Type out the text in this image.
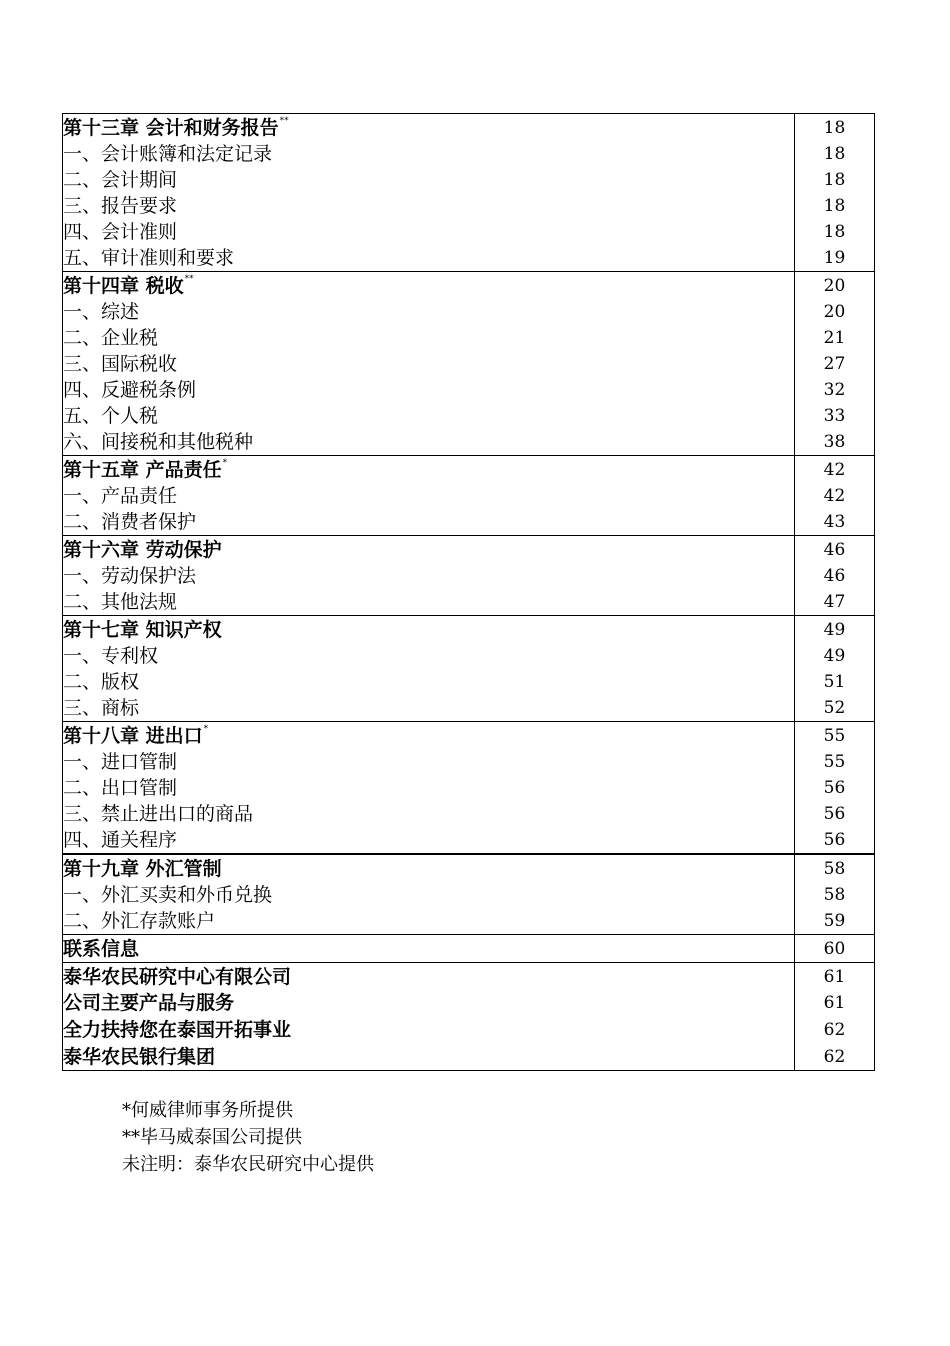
第十三章 会计和财务报告**	18
一、会计账簿和法定记录	18
二、会计期间	18
三、报告要求	18
四、会计准则	18
五、审计准则和要求	19
第十四章 税收**	20
一、综述	20
二、企业税	21
三、国际税收	27
四、反避税条例	32
五、个人税	33
六、间接税和其他税种	38
第十五章 产品责任*	42
一、产品责任	42
二、消费者保护	43
第十六章 劳动保护	46
一、劳动保护法	46
二、其他法规	47
第十七章 知识产权	49
一、专利权	49
二、版权	51
三、商标	52
第十八章 进出口*	55
一、进口管制	55
二、出口管制	56
三、禁止进出口的商品	56
四、通关程序	56
第十九章 外汇管制	58
一、外汇买卖和外币兑换	58
二、外汇存款账户	59
联系信息	60
泰华农民研究中心有限公司	61
公司主要产品与服务	61
全力扶持您在泰国开拓事业	62
泰华农民银行集团	62
*何威律师事务所提供
**毕马威泰国公司提供
未注明：泰华农民研究中心提供
